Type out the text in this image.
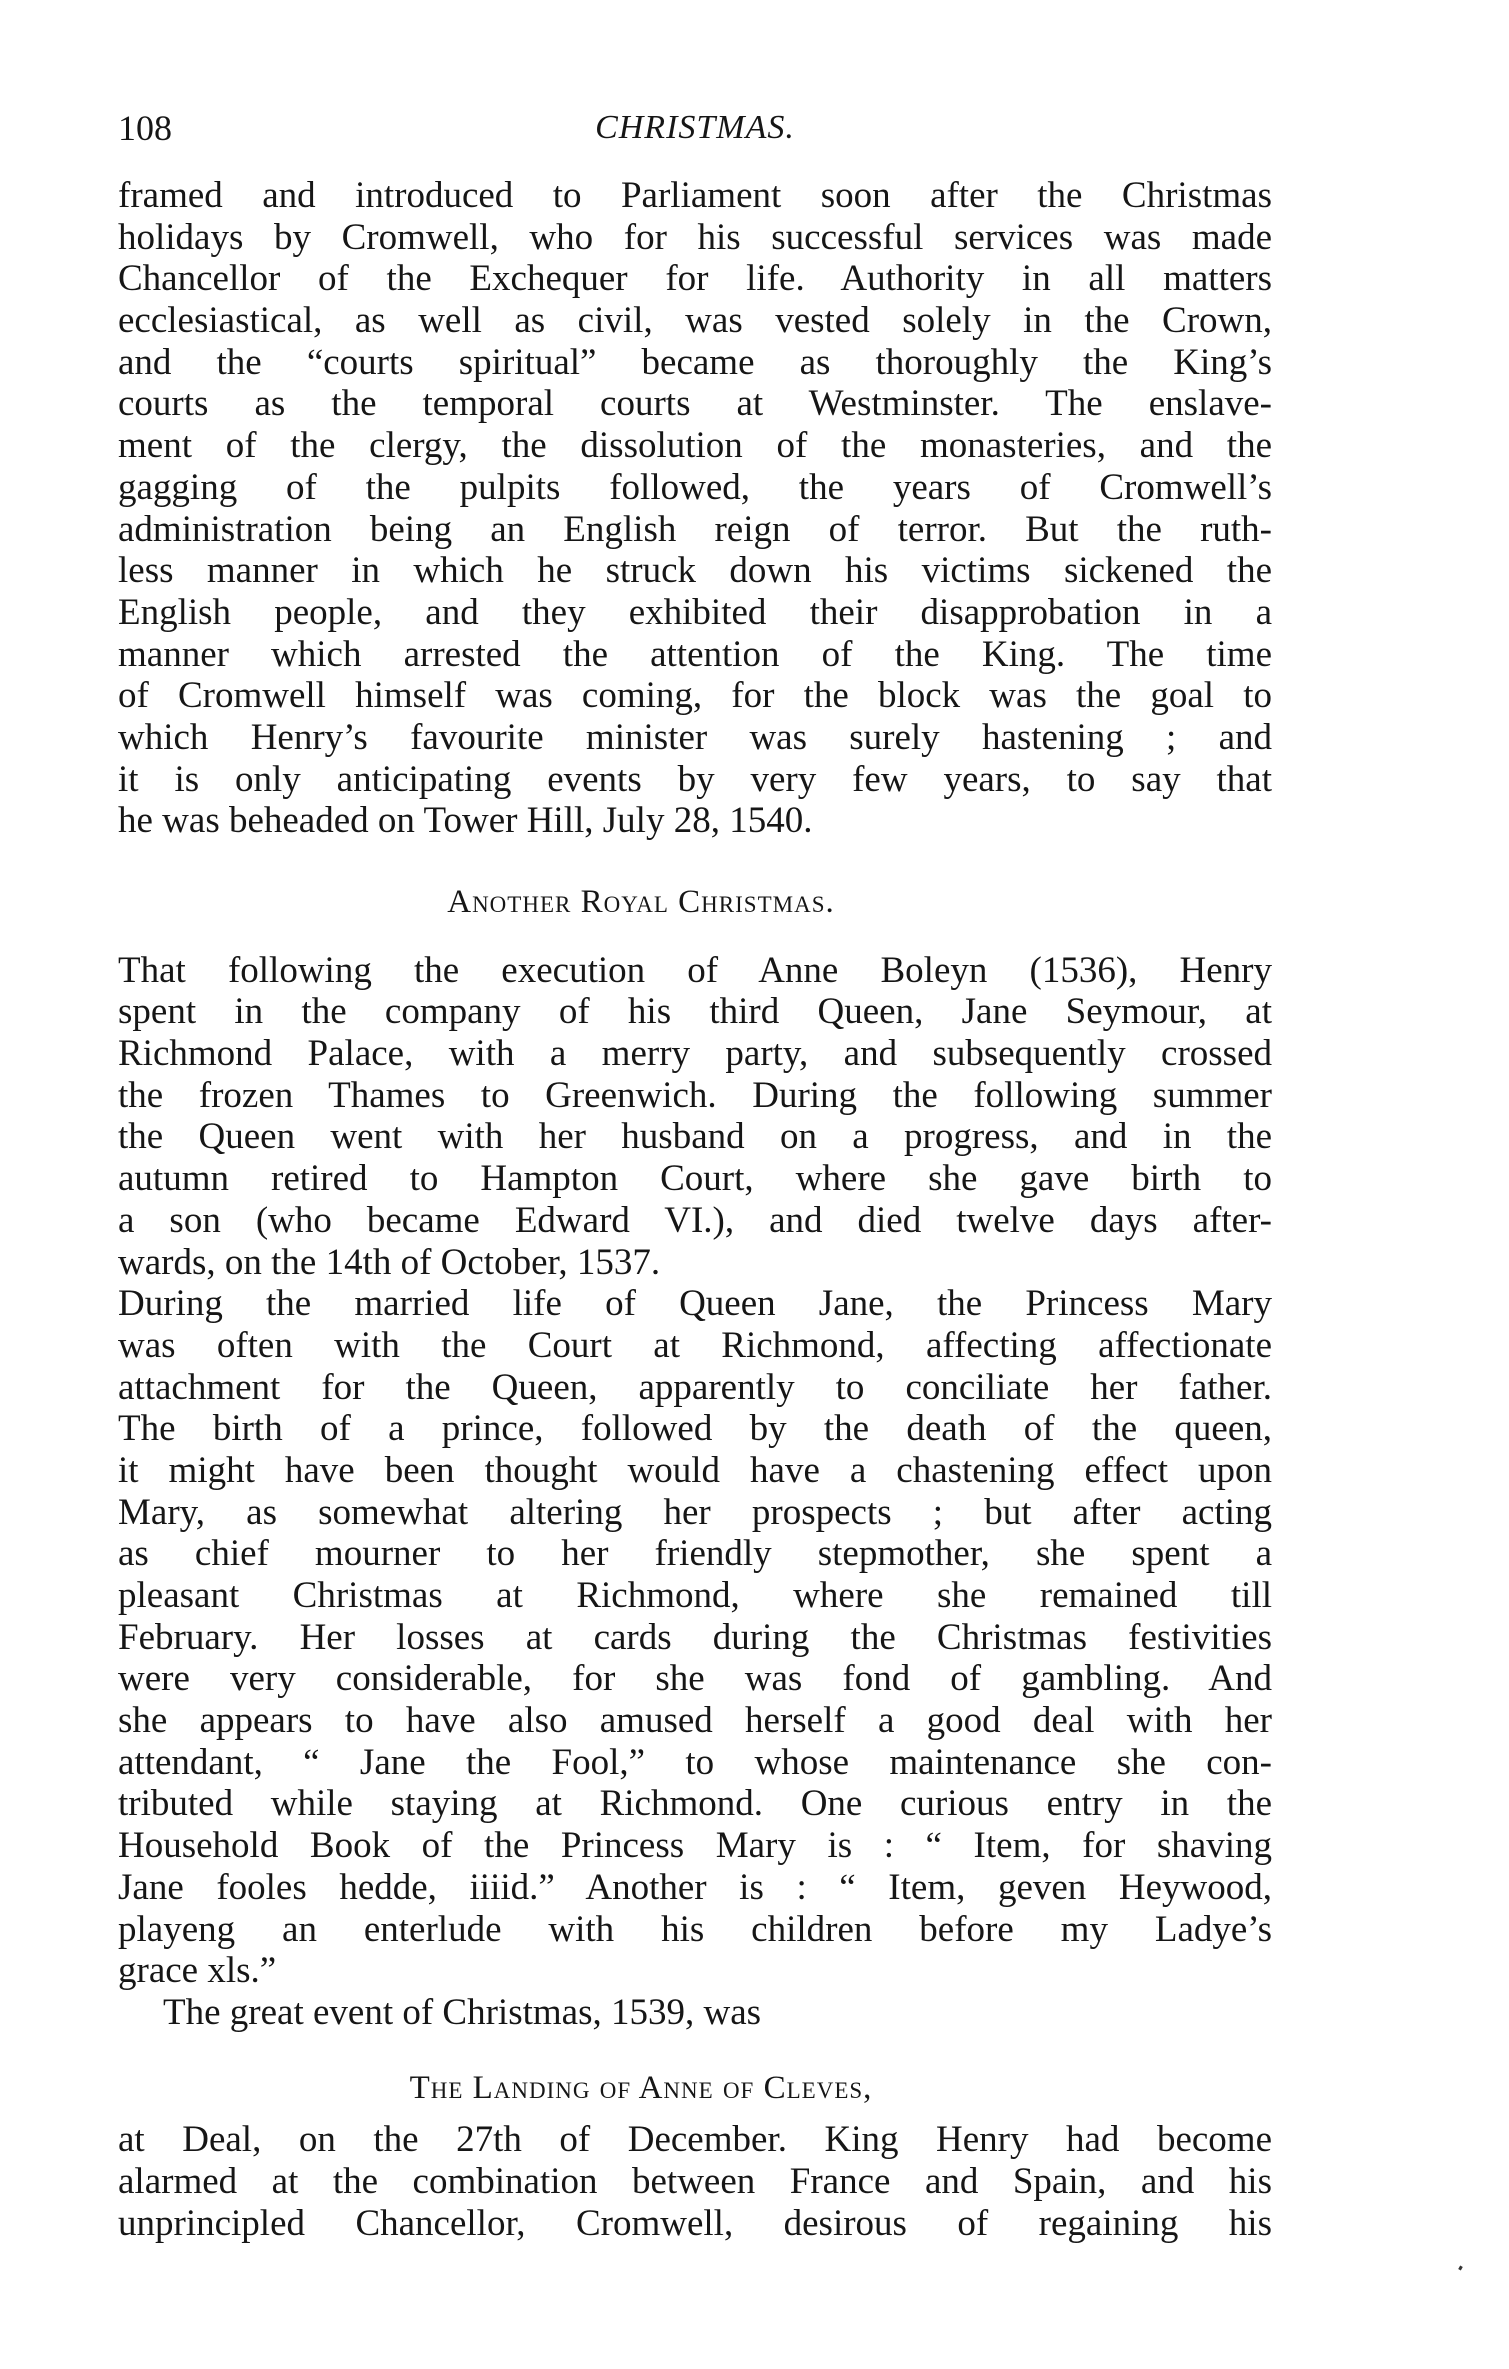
108	CHRISTMAS.
framed and introduced to Parliament soon after the Christmas
holidays by Cromwell, who for his successful services was made
Chancellor of the Exchequer for life. Authority in all matters
ecclesiastical, as well as civil, was vested solely in the Crown,
and the “courts spiritual” became as thoroughly the King’s
courts as the temporal courts at Westminster. The enslave-
ment of the clergy, the dissolution of the monasteries, and the
gagging of the pulpits followed, the years of Cromwell’s
administration being an English reign of terror. But the ruth-
less manner in which he struck down his victims sickened the
English people, and they exhibited their disapprobation in a
manner which arrested the attention of the King. The time
of Cromwell himself was coming, for the block was the goal to
which Henry’s favourite minister was surely hastening ; and
it is only anticipating events by very few years, to say that
he was beheaded on Tower Hill, July 28, 1540.
Another Royal Christmas.
That following the execution of Anne Boleyn (1536), Henry
spent in the company of his third Queen, Jane Seymour, at
Richmond Palace, with a merry party, and subsequently crossed
the frozen Thames to Greenwich. During the following summer
the Queen went with her husband on a progress, and in the
autumn retired to Hampton Court, where she gave birth to
a son (who became Edward VI.), and died twelve days after-
wards, on the 14th of October, 1537.
During the married life of Queen Jane, the Princess Mary
was often with the Court at Richmond, affecting affectionate
attachment for the Queen, apparently to conciliate her father.
The birth of a prince, followed by the death of the queen,
it might have been thought would have a chastening effect upon
Mary, as somewhat altering her prospects ; but after acting
as chief mourner to her friendly stepmother, she spent a
pleasant Christmas at Richmond, where she remained till
February. Her losses at cards during the Christmas festivities
were very considerable, for she was fond of gambling. And
she appears to have also amused herself a good deal with her
attendant, “ Jane the Fool,” to whose maintenance she con-
tributed while staying at Richmond. One curious entry in the
Household Book of the Princess Mary is : “ Item, for shaving
Jane fooles hedde, iiiid.” Another is : “ Item, geven Heywood,
playeng an enterlude with his children before my Ladye’s
grace xls.”
The great event of Christmas, 1539, was
The Landing of Anne of Cleves,
at Deal, on the 27th of December. King Henry had become
alarmed at the combination between France and Spain, and his
unprincipled Chancellor, Cromwell, desirous of regaining his
